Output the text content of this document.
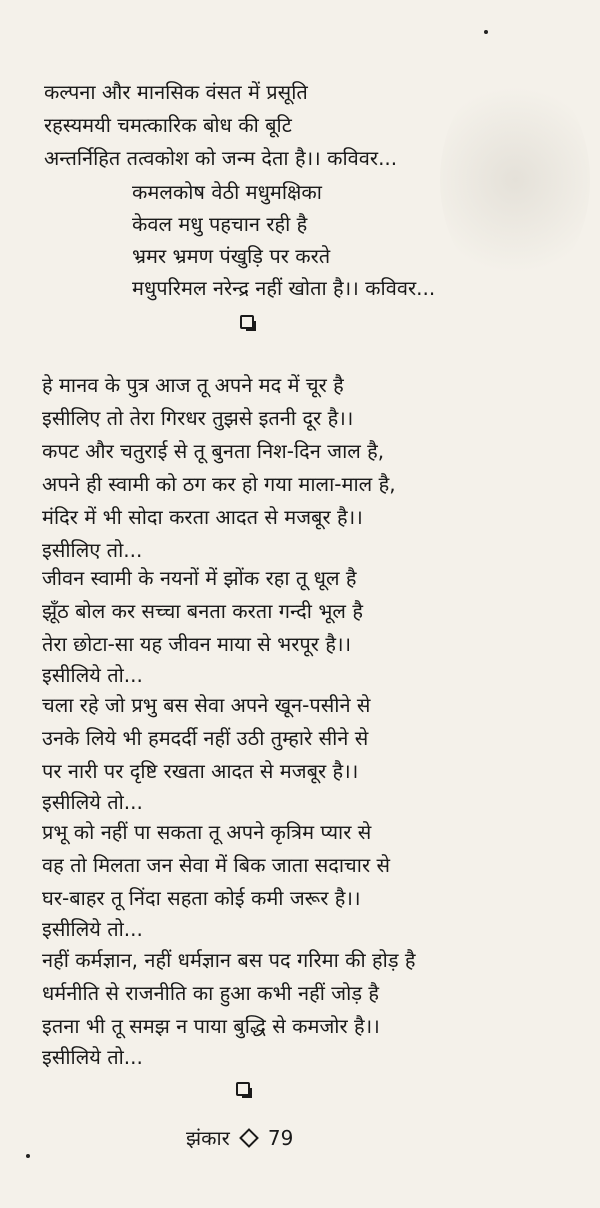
कल्पना और मानसिक वंसत में प्रसूति

रहस्यमयी चमत्कारिक बोध की बूटि

अन्तर्निहित तत्वकोश को जन्म देता है।। कविवर...

कमलकोष वेठी मधुमक्षिका

केवल मधु पहचान रही है

भ्रमर भ्रमण पंखुड़ि पर करते

मधुपरिमल नरेन्द्र नहीं खोता है।। कविवर...

हे मानव के पुत्र आज तू अपने मद में चूर है

इसीलिए तो तेरा गिरधर तुझसे इतनी दूर है।।

कपट और चतुराई से तू बुनता निश-दिन जाल है,

अपने ही स्वामी को ठग कर हो गया माला-माल है,

मंदिर में भी सोदा करता आदत से मजबूर है।।

इसीलिए तो...

जीवन स्वामी के नयनों में झोंक रहा तू धूल है

झूँठ बोल कर सच्चा बनता करता गन्दी भूल है

तेरा छोटा-सा यह जीवन माया से भरपूर है।।

इसीलिये तो...

चला रहे जो प्रभु बस सेवा अपने खून-पसीने से

उनके लिये भी हमदर्दी नहीं उठी तुम्हारे सीने से

पर नारी पर दृष्टि रखता आदत से मजबूर है।।

इसीलिये तो...

प्रभू को नहीं पा सकता तू अपने कृत्रिम प्यार से

वह तो मिलता जन सेवा में बिक जाता सदाचार से

घर-बाहर तू निंदा सहता कोई कमी जरूर है।।

इसीलिये तो...

नहीं कर्मज्ञान, नहीं धर्मज्ञान बस पद गरिमा की होड़ है

धर्मनीति से राजनीति का हुआ कभी नहीं जोड़ है

इतना भी तू समझ न पाया बुद्धि से कमजोर है।।

इसीलिये तो...

झंकार 79
